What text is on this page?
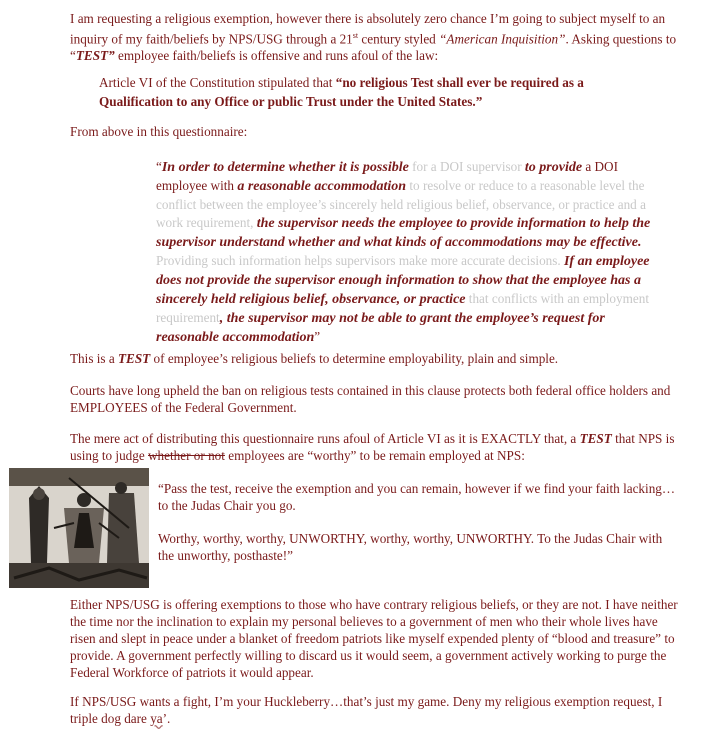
I am requesting a religious exemption, however there is absolutely zero chance I’m going to subject myself to an inquiry of my faith/beliefs by NPS/USG through a 21st century styled “American Inquisition”. Asking questions to “TEST” employee faith/beliefs is offensive and runs afoul of the law:

Article VI of the Constitution stipulated that “no religious Test shall ever be required as a Qualification to any Office or public Trust under the United States.”

From above in this questionnaire:

“In order to determine whether it is possible for a DOI supervisor to provide a DOI employee with a reasonable accommodation to resolve or reduce to a reasonable level the conflict between the employee’s sincerely held religious belief, observance, or practice and a work requirement, the supervisor needs the employee to provide information to help the supervisor understand whether and what kinds of accommodations may be effective. Providing such information helps supervisors make more accurate decisions. If an employee does not provide the supervisor enough information to show that the employee has a sincerely held religious belief, observance, or practice that conflicts with an employment requirement, the supervisor may not be able to grant the employee’s request for reasonable accommodation”

This is a TEST of employee’s religious beliefs to determine employability, plain and simple.

Courts have long upheld the ban on religious tests contained in this clause protects both federal office holders and EMPLOYEES of the Federal Government.

The mere act of distributing this questionnaire runs afoul of Article VI as it is EXACTLY that, a TEST that NPS is using to judge whether or not employees are “worthy” to be remain employed at NPS:

“Pass the test, receive the exemption and you can remain, however if we find your faith lacking…to the Judas Chair you go.
Worthy, worthy, worthy, UNWORTHY, worthy, worthy, UNWORTHY. To the Judas Chair with the unworthy, posthaste!”

Either NPS/USG is offering exemptions to those who have contrary religious beliefs, or they are not. I have neither the time nor the inclination to explain my personal believes to a government of men who their whole lives have risen and slept in peace under a blanket of freedom patriots like myself expended plenty of “blood and treasure” to provide. A government perfectly willing to discard us it would seem, a government actively working to purge the Federal Workforce of patriots it would appear.

If NPS/USG wants a fight, I’m your Huckleberry…that’s just my game. Deny my religious exemption request, I triple dog dare ya’.
